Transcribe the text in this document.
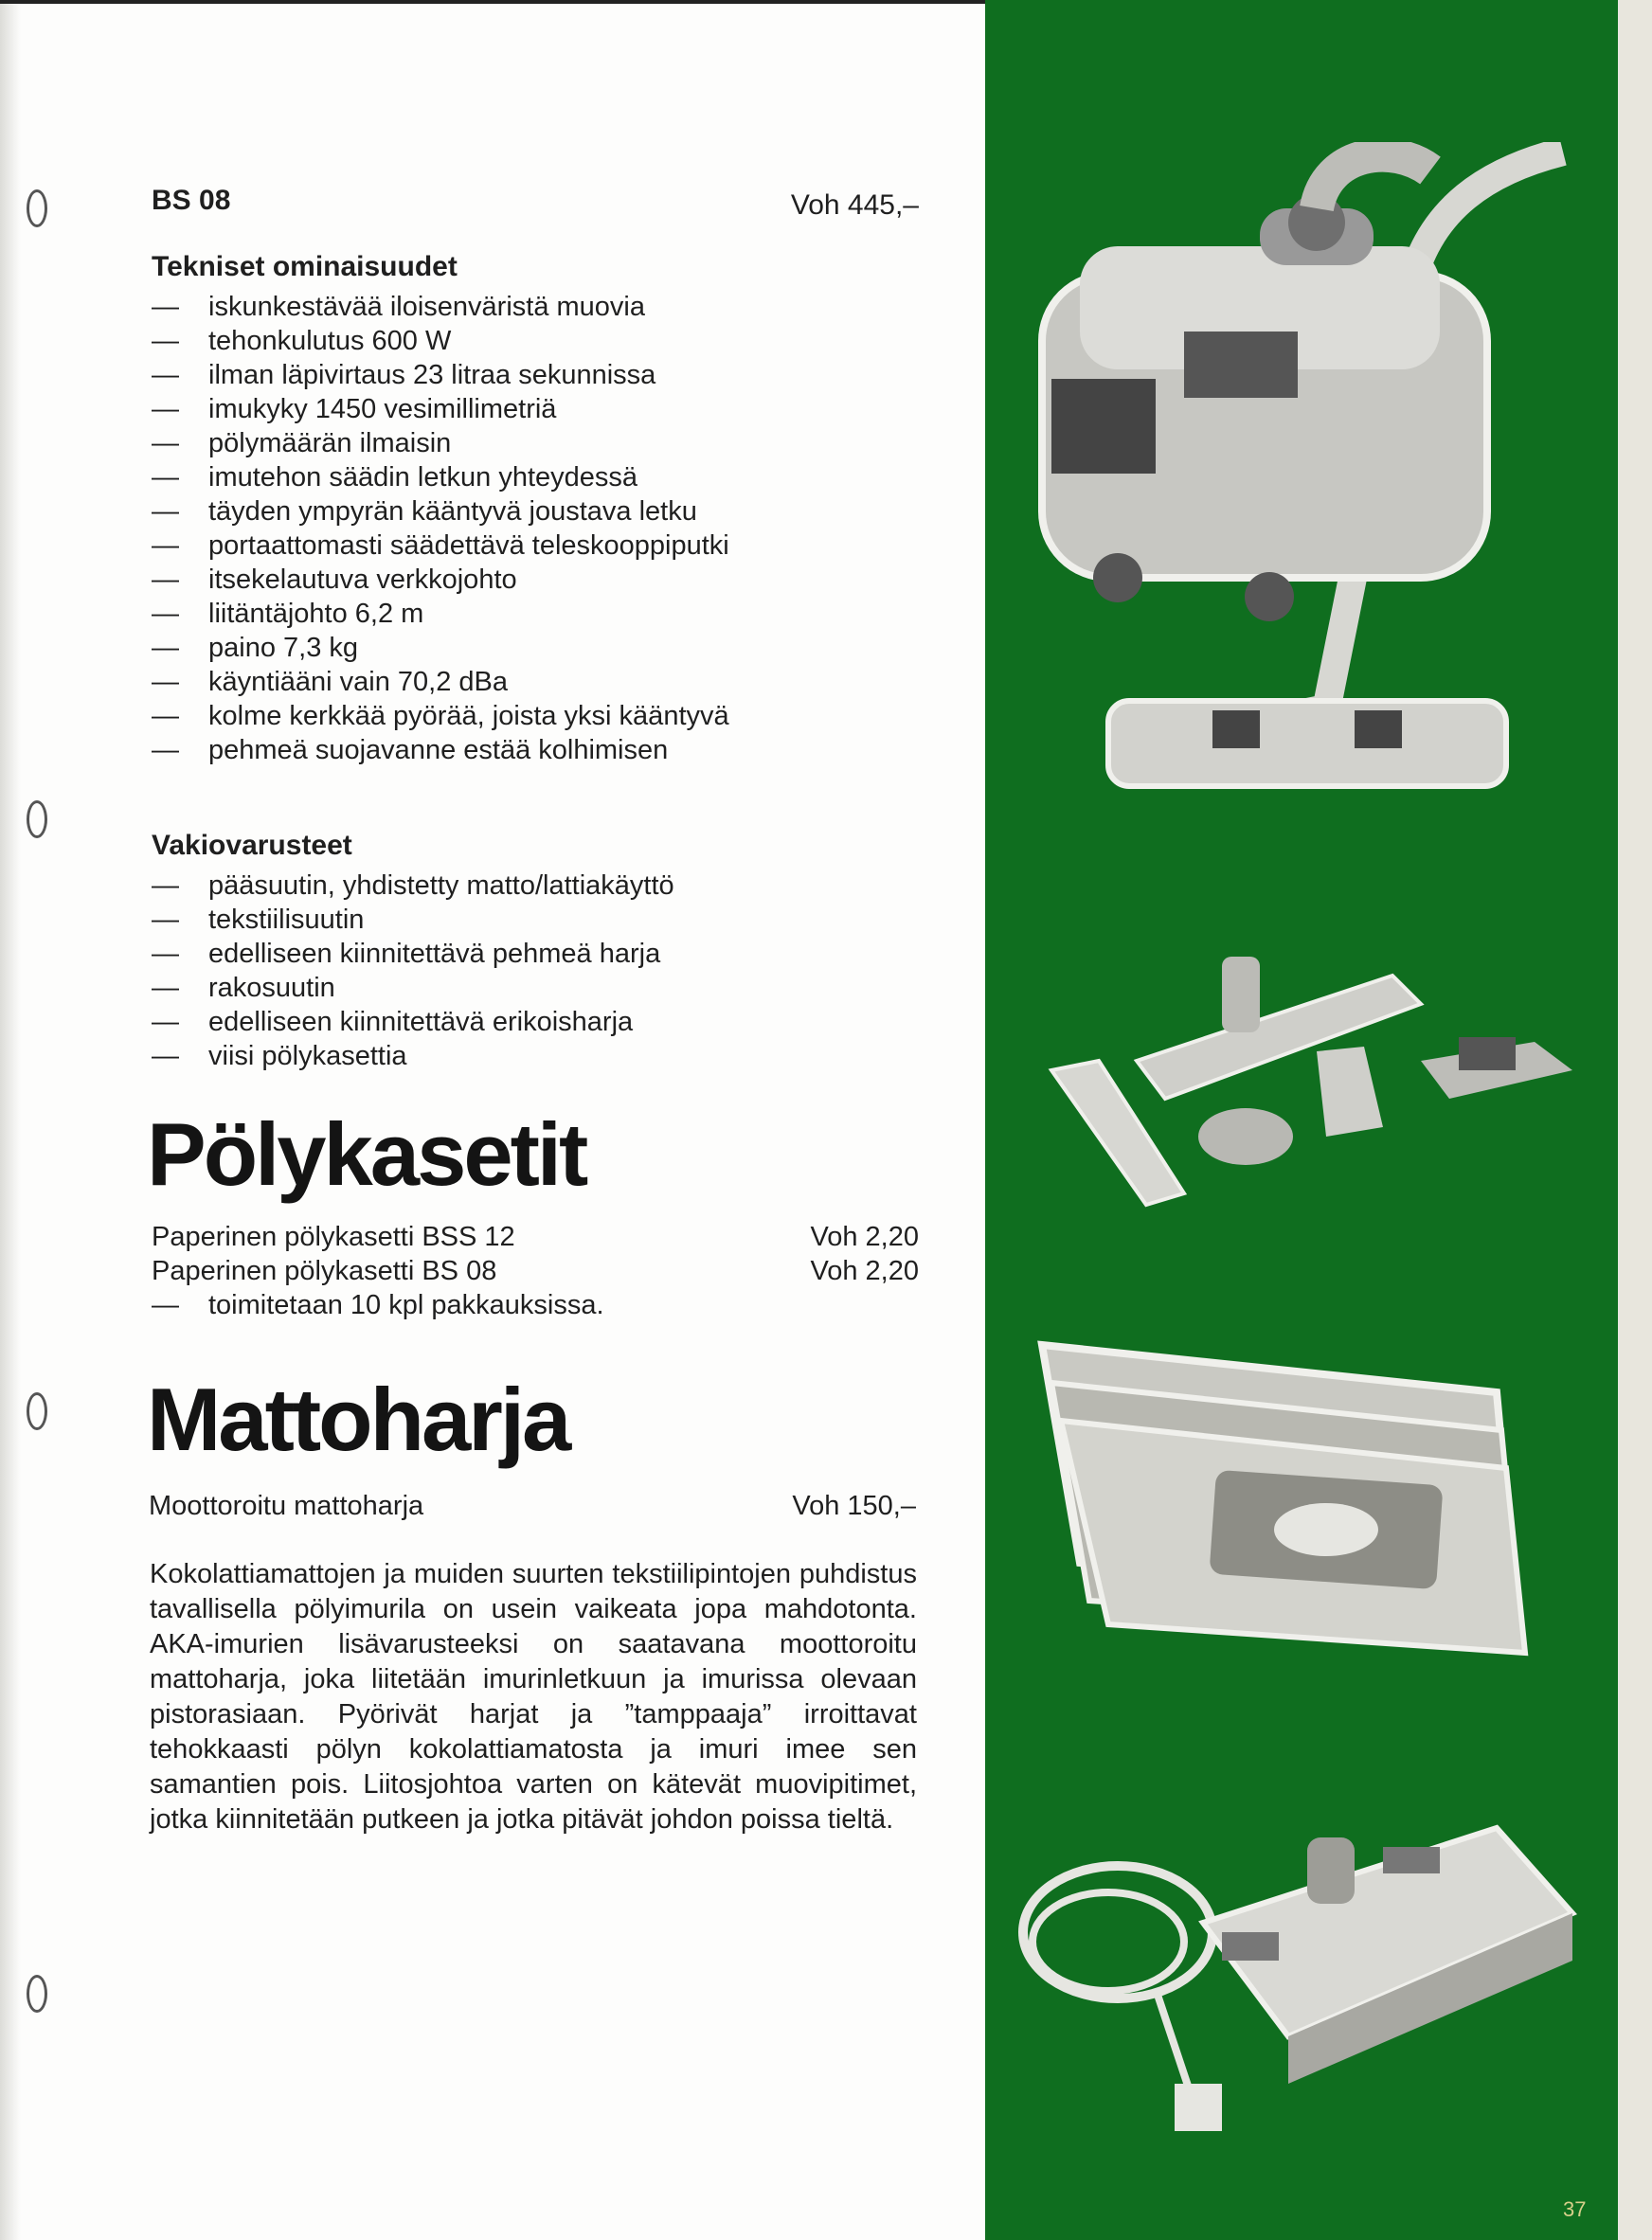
BS 08	Voh 445,–
Tekniset ominaisuudet
—	iskunkestävää iloisenväristä muovia
—	tehonkulutus 600 W
—	ilman läpivirtaus 23 litraa sekunnissa
—	imukyky 1450 vesimillimetriä
—	pölymäärän ilmaisin
—	imutehon säädin letkun yhteydessä
—	täyden ympyrän kääntyvä joustava letku
—	portaattomasti säädettävä teleskooppiputki
—	itsekelautuva verkkojohto
—	liitäntäjohto 6,2 m
—	paino 7,3 kg
—	käyntiääni vain 70,2 dBa
—	kolme kerkkää pyörää, joista yksi kääntyvä
—	pehmeä suojavanne estää kolhimisen
Vakiovarusteet
—	pääsuutin, yhdistetty matto/lattiakäyttö
—	tekstiilisuutin
—	edelliseen kiinnitettävä pehmeä harja
—	rakosuutin
—	edelliseen kiinnitettävä erikoisharja
—	viisi pölykasettia
Pölykasetit
Paperinen pölykasetti BSS 12	Voh 2,20
Paperinen pölykasetti BS 08	Voh 2,20
—	toimitetaan 10 kpl pakkauksissa.
Mattoharja
Moottoroitu mattoharja	Voh 150,–
Kokolattiamattojen ja muiden suurten tekstiilipintojen puhdistus tavallisella pölyimurila on usein vaikeata jopa mahdotonta. AKA-imurien lisävarusteeksi on saatavana moottoroitu mattoharja, joka liitetään imurinletkuun ja imurissa olevaan pistorasiaan. Pyörivät harjat ja ”tamppaaja” irroittavat tehokkaasti pölyn kokolattiamatosta ja imuri imee sen samantien pois. Liitosjohtoa varten on kätevät muovipitimet, jotka kiinnitetään putkeen ja jotka pitävät johdon poissa tieltä.
37
